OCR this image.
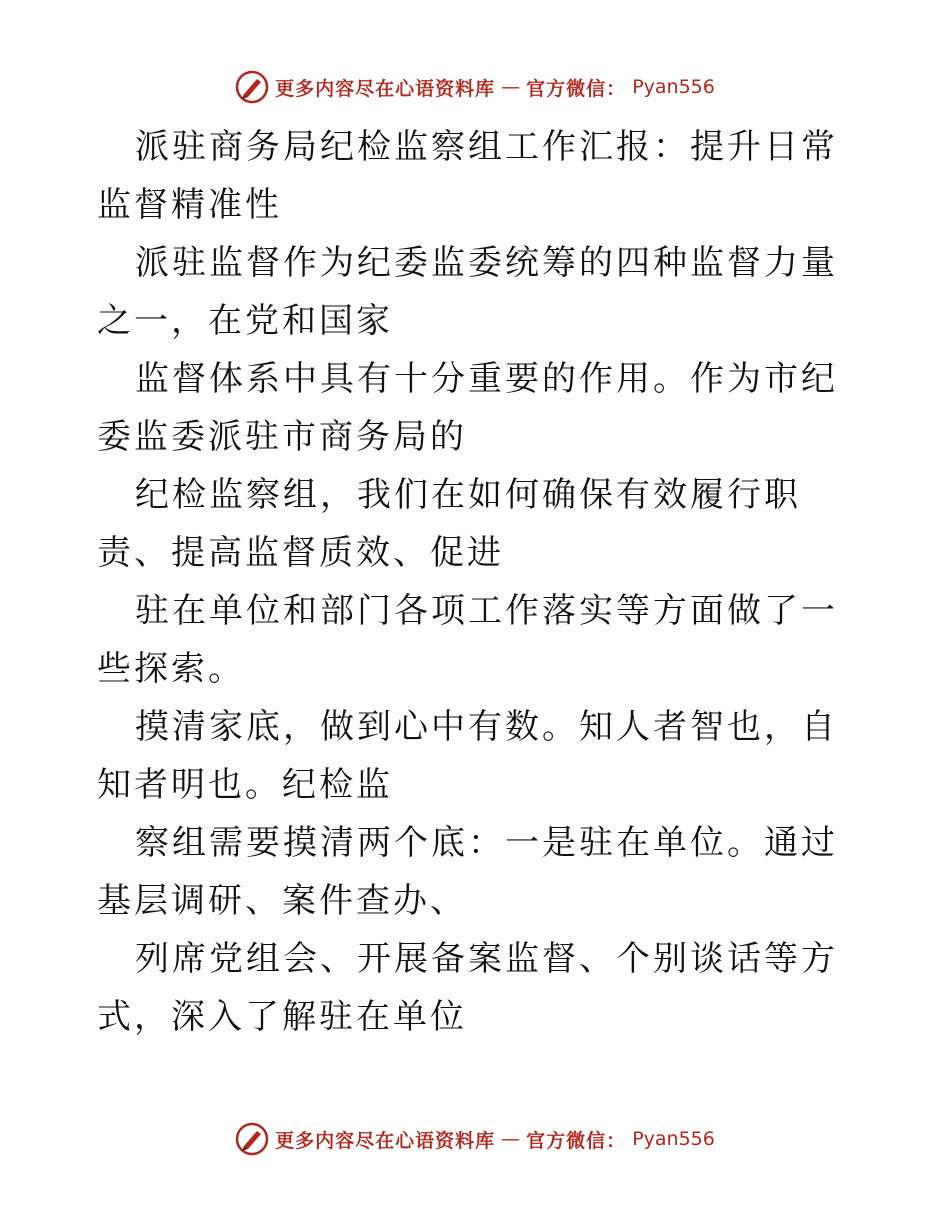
更多内容尽在心语资料库 — 官方微信： Pyan556

派驻商务局纪检监察组工作汇报：提升日常监督精准性

派驻监督作为纪委监委统筹的四种监督力量之一，在党和国家

监督体系中具有十分重要的作用。作为市纪委监委派驻市商务局的

纪检监察组，我们在如何确保有效履行职责、提高监督质效、促进

驻在单位和部门各项工作落实等方面做了一些探索。

摸清家底，做到心中有数。知人者智也，自知者明也。纪检监

察组需要摸清两个底：一是驻在单位。通过基层调研、案件查办、

列席党组会、开展备案监督、个别谈话等方式，深入了解驻在单位

更多内容尽在心语资料库 — 官方微信： Pyan556
